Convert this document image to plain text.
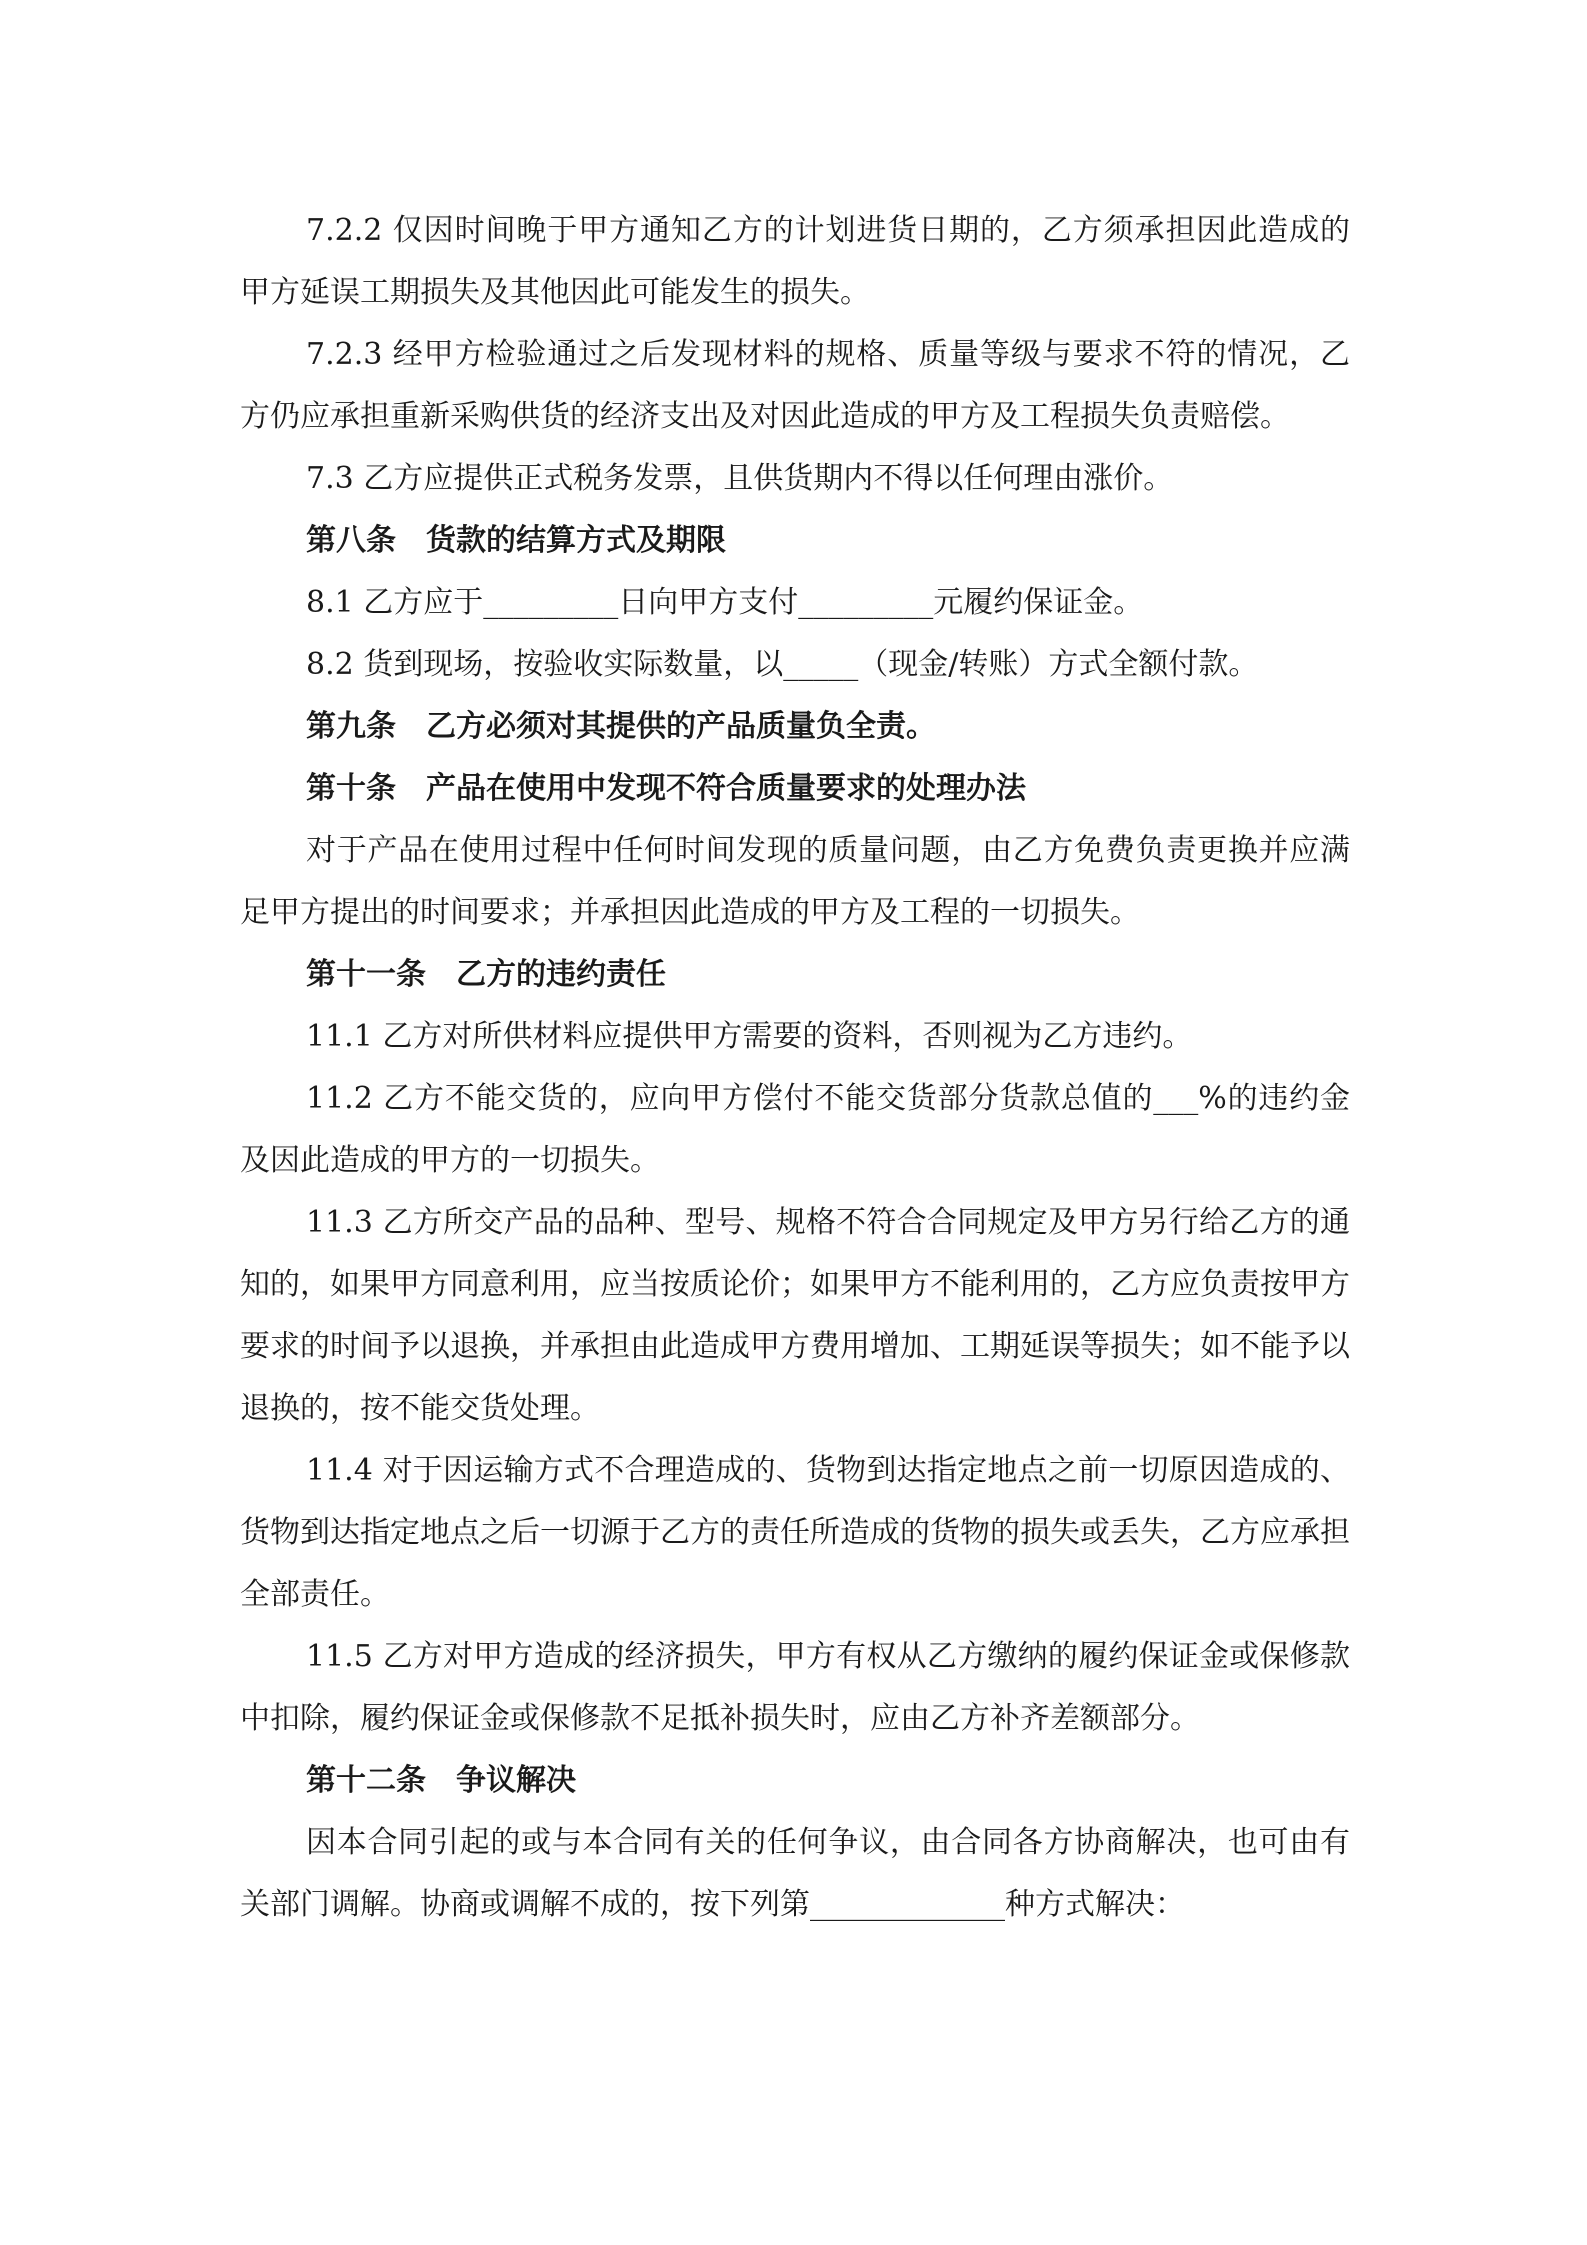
7.2.2 仅因时间晚于甲方通知乙方的计划进货日期的，乙方须承担因此造成的甲方延误工期损失及其他因此可能发生的损失。

7.2.3 经甲方检验通过之后发现材料的规格、质量等级与要求不符的情况，乙方仍应承担重新采购供货的经济支出及对因此造成的甲方及工程损失负责赔偿。

7.3 乙方应提供正式税务发票，且供货期内不得以任何理由涨价。

第八条　货款的结算方式及期限

8.1 乙方应于_________日向甲方支付_________元履约保证金。

8.2 货到现场，按验收实际数量，以_____（现金/转账）方式全额付款。

第九条　乙方必须对其提供的产品质量负全责。

第十条　产品在使用中发现不符合质量要求的处理办法

对于产品在使用过程中任何时间发现的质量问题，由乙方免费负责更换并应满足甲方提出的时间要求；并承担因此造成的甲方及工程的一切损失。

第十一条　乙方的违约责任

11.1 乙方对所供材料应提供甲方需要的资料，否则视为乙方违约。

11.2 乙方不能交货的，应向甲方偿付不能交货部分货款总值的___%的违约金及因此造成的甲方的一切损失。

11.3 乙方所交产品的品种、型号、规格不符合合同规定及甲方另行给乙方的通知的，如果甲方同意利用，应当按质论价；如果甲方不能利用的，乙方应负责按甲方要求的时间予以退换，并承担由此造成甲方费用增加、工期延误等损失；如不能予以退换的，按不能交货处理。

11.4 对于因运输方式不合理造成的、货物到达指定地点之前一切原因造成的、货物到达指定地点之后一切源于乙方的责任所造成的货物的损失或丢失，乙方应承担全部责任。

11.5 乙方对甲方造成的经济损失，甲方有权从乙方缴纳的履约保证金或保修款中扣除，履约保证金或保修款不足抵补损失时，应由乙方补齐差额部分。

第十二条　争议解决

因本合同引起的或与本合同有关的任何争议，由合同各方协商解决，也可由有关部门调解。协商或调解不成的，按下列第_____________种方式解决：
